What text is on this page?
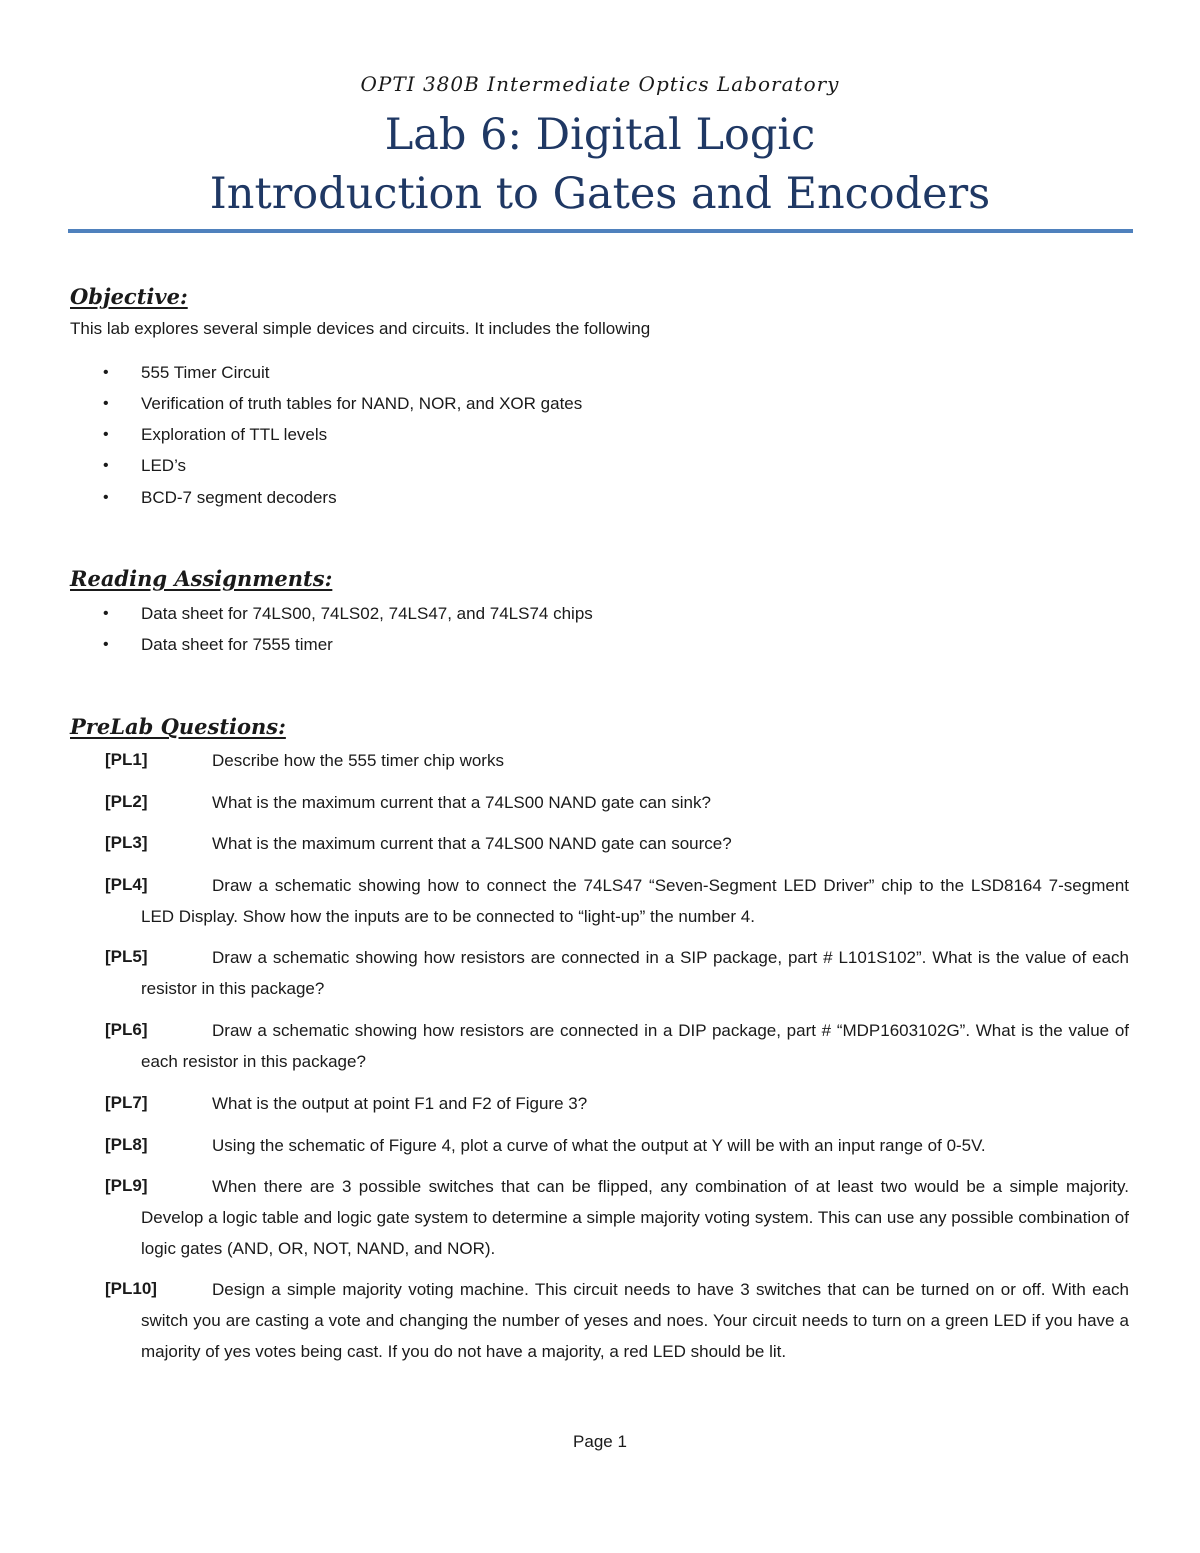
OPTI 380B Intermediate Optics Laboratory
Lab 6: Digital Logic
Introduction to Gates and Encoders
Objective:
This lab explores several simple devices and circuits. It includes the following
•	555 Timer Circuit
•	Verification of truth tables for NAND, NOR, and XOR gates
•	Exploration of TTL levels
•	LED’s
•	BCD-7 segment decoders
Reading Assignments:
•	Data sheet for 74LS00, 74LS02, 74LS47, and 74LS74 chips
•	Data sheet for 7555 timer
PreLab Questions:
[PL1]	Describe how the 555 timer chip works
[PL2]	What is the maximum current that a 74LS00 NAND gate can sink?
[PL3]	What is the maximum current that a 74LS00 NAND gate can source?
[PL4]	Draw a schematic showing how to connect the 74LS47 “Seven-Segment LED Driver” chip to the LSD8164 7-segment LED Display. Show how the inputs are to be connected to “light-up” the number 4.
[PL5]	Draw a schematic showing how resistors are connected in a SIP package, part # L101S102”. What is the value of each resistor in this package?
[PL6]	Draw a schematic showing how resistors are connected in a DIP package, part # “MDP1603102G”. What is the value of each resistor in this package?
[PL7]	What is the output at point F1 and F2 of Figure 3?
[PL8]	Using the schematic of Figure 4, plot a curve of what the output at Y will be with an input range of 0-5V.
[PL9]	When there are 3 possible switches that can be flipped, any combination of at least two would be a simple majority. Develop a logic table and logic gate system to determine a simple majority voting system. This can use any possible combination of logic gates (AND, OR, NOT, NAND, and NOR).
[PL10]	Design a simple majority voting machine. This circuit needs to have 3 switches that can be turned on or off. With each switch you are casting a vote and changing the number of yeses and noes. Your circuit needs to turn on a green LED if you have a majority of yes votes being cast. If you do not have a majority, a red LED should be lit.
Page 1
